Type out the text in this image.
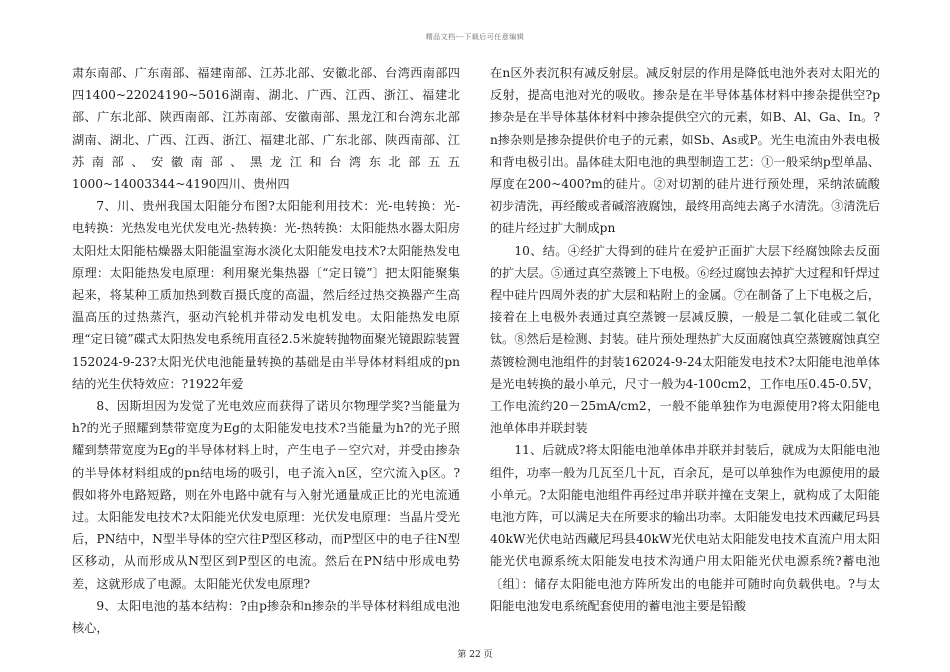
精品文档---下载后可任意编辑

肃东南部、广东南部、福建南部、江苏北部、安徽北部、台湾西南部四四1400~22024190~5016湖南、湖北、广西、江西、浙江、福建北部、广东北部、陕西南部、江苏南部、安徽南部、黑龙江和台湾东北部湖南、湖北、广西、江西、浙江、福建北部、广东北部、陕西南部、江苏南部、安徽南部、黑龙江和台湾东北部五五1000~14003344~4190四川、贵州四

7、川、贵州我国太阳能分布图?太阳能利用技术：光-电转换：光-电转换：光热发电光伏发电光-热转换：光-热转换：太阳能热水器太阳房太阳灶太阳能枯燥器太阳能温室海水淡化太阳能发电技术?太阳能热发电原理：太阳能热发电原理：利用聚光集热器〔“定日镜”〕把太阳能聚集起来，将某种工质加热到数百摄氏度的高温，然后经过热交换器产生高温高压的过热蒸汽，驱动汽轮机并带动发电机发电。太阳能热发电原理“定日镜”碟式太阳热发电系统用直径2.5米旋转抛物面聚光镜跟踪装置152024-9-23?太阳光伏电池能量转换的基础是由半导体材料组成的pn结的光生伏特效应：?1922年爱

8、因斯坦因为发觉了光电效应而获得了诺贝尔物理学奖?当能量为h?的光子照耀到禁带宽度为Eg的太阳能发电技术?当能量为h?的光子照耀到禁带宽度为Eg的半导体材料上时，产生电子－空穴对，并受由掺杂的半导体材料组成的pn结电场的吸引，电子流入n区，空穴流入p区。?假如将外电路短路，则在外电路中就有与入射光通量成正比的光电流通过。太阳能发电技术?太阳能光伏发电原理：光伏发电原理：当晶片受光后，PN结中，N型半导体的空穴往P型区移动，而P型区中的电子往N型区移动，从而形成从N型区到P型区的电流。然后在PN结中形成电势差，这就形成了电源。太阳能光伏发电原理?

9、太阳电池的基本结构：?由p掺杂和n掺杂的半导体材料组成电池核心，

在n区外表沉积有减反射层。减反射层的作用是降低电池外表对太阳光的反射，提高电池对光的吸收。掺杂是在半导体基体材料中掺杂提供空?p掺杂是在半导体基体材料中掺杂提供空穴的元素，如B、Al、Ga、In。?n掺杂则是掺杂提供价电子的元素，如Sb、As或P。光生电流由外表电极和背电极引出。晶体硅太阳电池的典型制造工艺：①一般采纳p型单晶、厚度在200~400?m的硅片。②对切割的硅片进行预处理，采纳浓硫酸初步清洗，再经酸或者碱溶液腐蚀，最终用高纯去离子水清洗。③清洗后的硅片经过扩大制成pn

10、结。④经扩大得到的硅片在爱护正面扩大层下经腐蚀除去反面的扩大层。⑤通过真空蒸镀上下电极。⑥经过腐蚀去掉扩大过程和钎焊过程中硅片四周外表的扩大层和粘附上的金属。⑦在制备了上下电极之后，接着在上电极外表通过真空蒸镀一层减反膜，一般是二氧化硅或二氧化钛。⑧然后是检测、封装。硅片预处理热扩大反面腐蚀真空蒸镀腐蚀真空蒸镀检测电池组件的封装162024-9-24太阳能发电技术?太阳能电池单体是光电转换的最小单元，尺寸一般为4-100cm2，工作电压0.45-0.5V，工作电流约20－25mA/cm2，一般不能单独作为电源使用?将太阳能电池单体串并联封装

11、后就成?将太阳能电池单体串并联并封装后，就成为太阳能电池组件，功率一般为几瓦至几十瓦，百余瓦，是可以单独作为电源使用的最小单元。?太阳能电池组件再经过串并联并撞在支架上，就构成了太阳能电池方阵，可以满足夫在所要求的输出功率。太阳能发电技术西藏尼玛县40kW光伏电站西藏尼玛县40kW光伏电站太阳能发电技术直流户用太阳能光伏电源系统太阳能发电技术沟通户用太阳能光伏电源系统?蓄电池〔组〕：储存太阳能电池方阵所发出的电能并可随时向负载供电。?与太阳能电池发电系统配套使用的蓄电池主要是铅酸

第 22 页
